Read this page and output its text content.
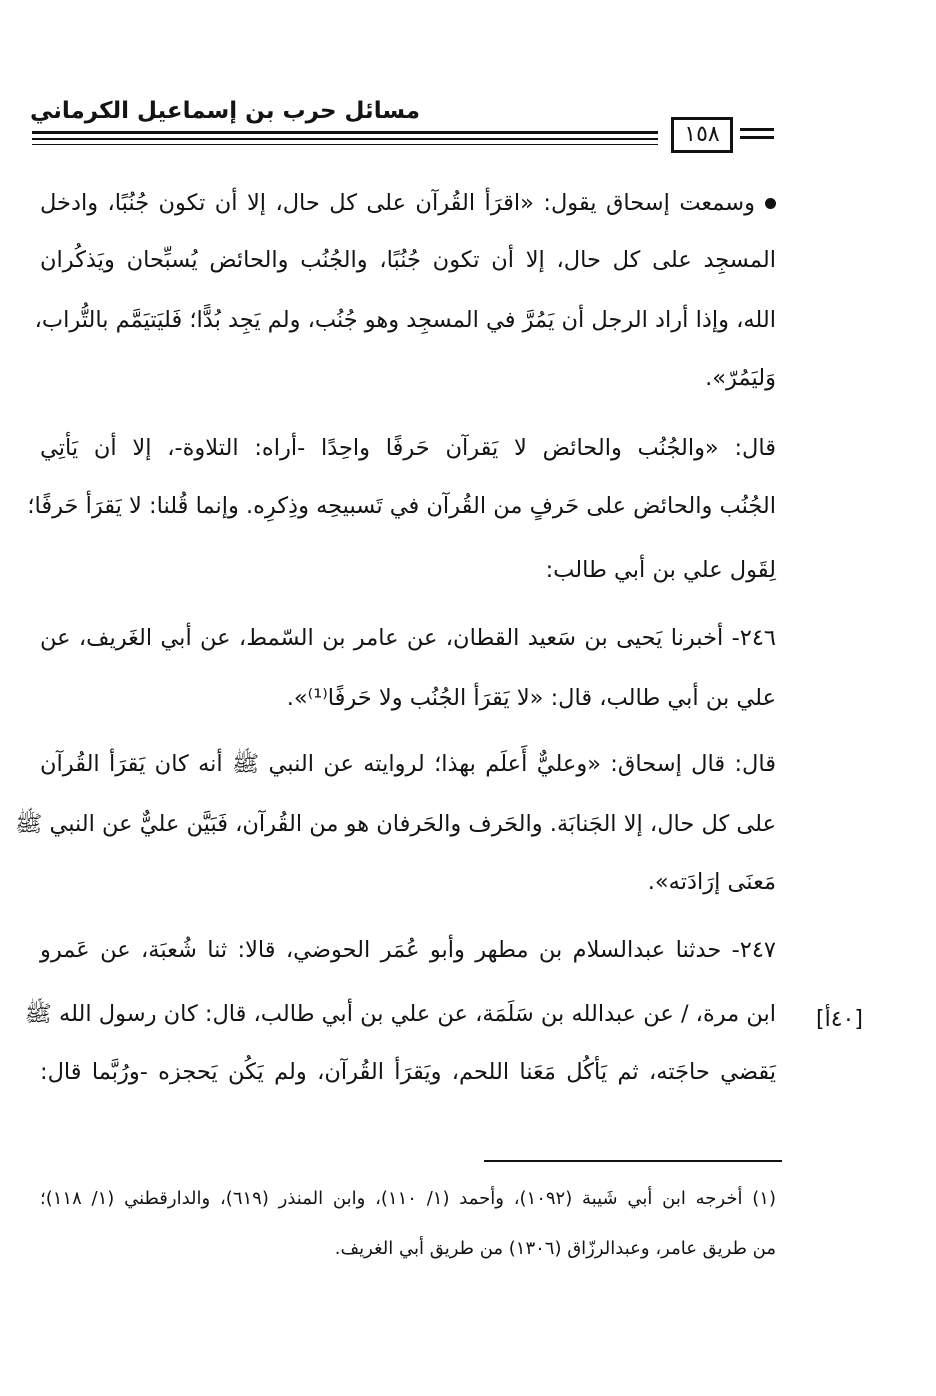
مسائل حرب بن إسماعيل الكرماني
١٥٨
وسمعت إسحاق يقول: «اقرَأ القُرآن على كل حال، إلا أن تكون جُنُبًا، وادخل
المسجِد على كل حال، إلا أن تكون جُنُبًا، والجُنُب والحائض يُسبِّحان ويَذكُران
الله، وإذا أراد الرجل أن يَمُرَّ في المسجِد وهو جُنُب، ولم يَجِد بُدًّا؛ فَليَتيَمَّم بالتُّراب،
وَليَمُرّ».
قال: «والجُنُب والحائض لا يَقرآن حَرفًا واحِدًا -أراه: التلاوة-، إلا أن يَأتِي
الجُنُب والحائض على حَرفٍ من القُرآن في تَسبيحِه وذِكرِه. وإنما قُلنا: لا يَقرَأ حَرفًا؛
لِقَول علي بن أبي طالب:
٢٤٦- أخبرنا يَحيى بن سَعيد القطان، عن عامر بن السّمط، عن أبي الغَريف، عن
علي بن أبي طالب، قال: «لا يَقرَأ الجُنُب ولا حَرفًا⁽¹⁾».
قال: قال إسحاق: «وعليٌّ أَعلَم بهذا؛ لروايته عن النبي ﷺ أنه كان يَقرَأ القُرآن
على كل حال، إلا الجَنابَة. والحَرف والحَرفان هو من القُرآن، فَبَيَّن عليٌّ عن النبي ﷺ
مَعنَى إرَادَته».
٢٤٧- حدثنا عبدالسلام بن مطهر وأبو عُمَر الحوضي، قالا: ثنا شُعبَة، عن عَمرو
ابن مرة، / عن عبدالله بن سَلَمَة، عن علي بن أبي طالب، قال: كان رسول الله ﷺ
يَقضي حاجَته، ثم يَأكُل مَعَنا اللحم، ويَقرَأ القُرآن، ولم يَكُن يَحجزه -ورُبَّما قال:
[٤٠أ]
(١) أخرجه ابن أبي شَيبة (١٠٩٢)، وأحمد (١/ ١١٠)، وابن المنذر (٦١٩)، والدارقطني (١/ ١١٨)؛
من طريق عامر، وعبدالرزّاق (١٣٠٦) من طريق أبي الغريف.
